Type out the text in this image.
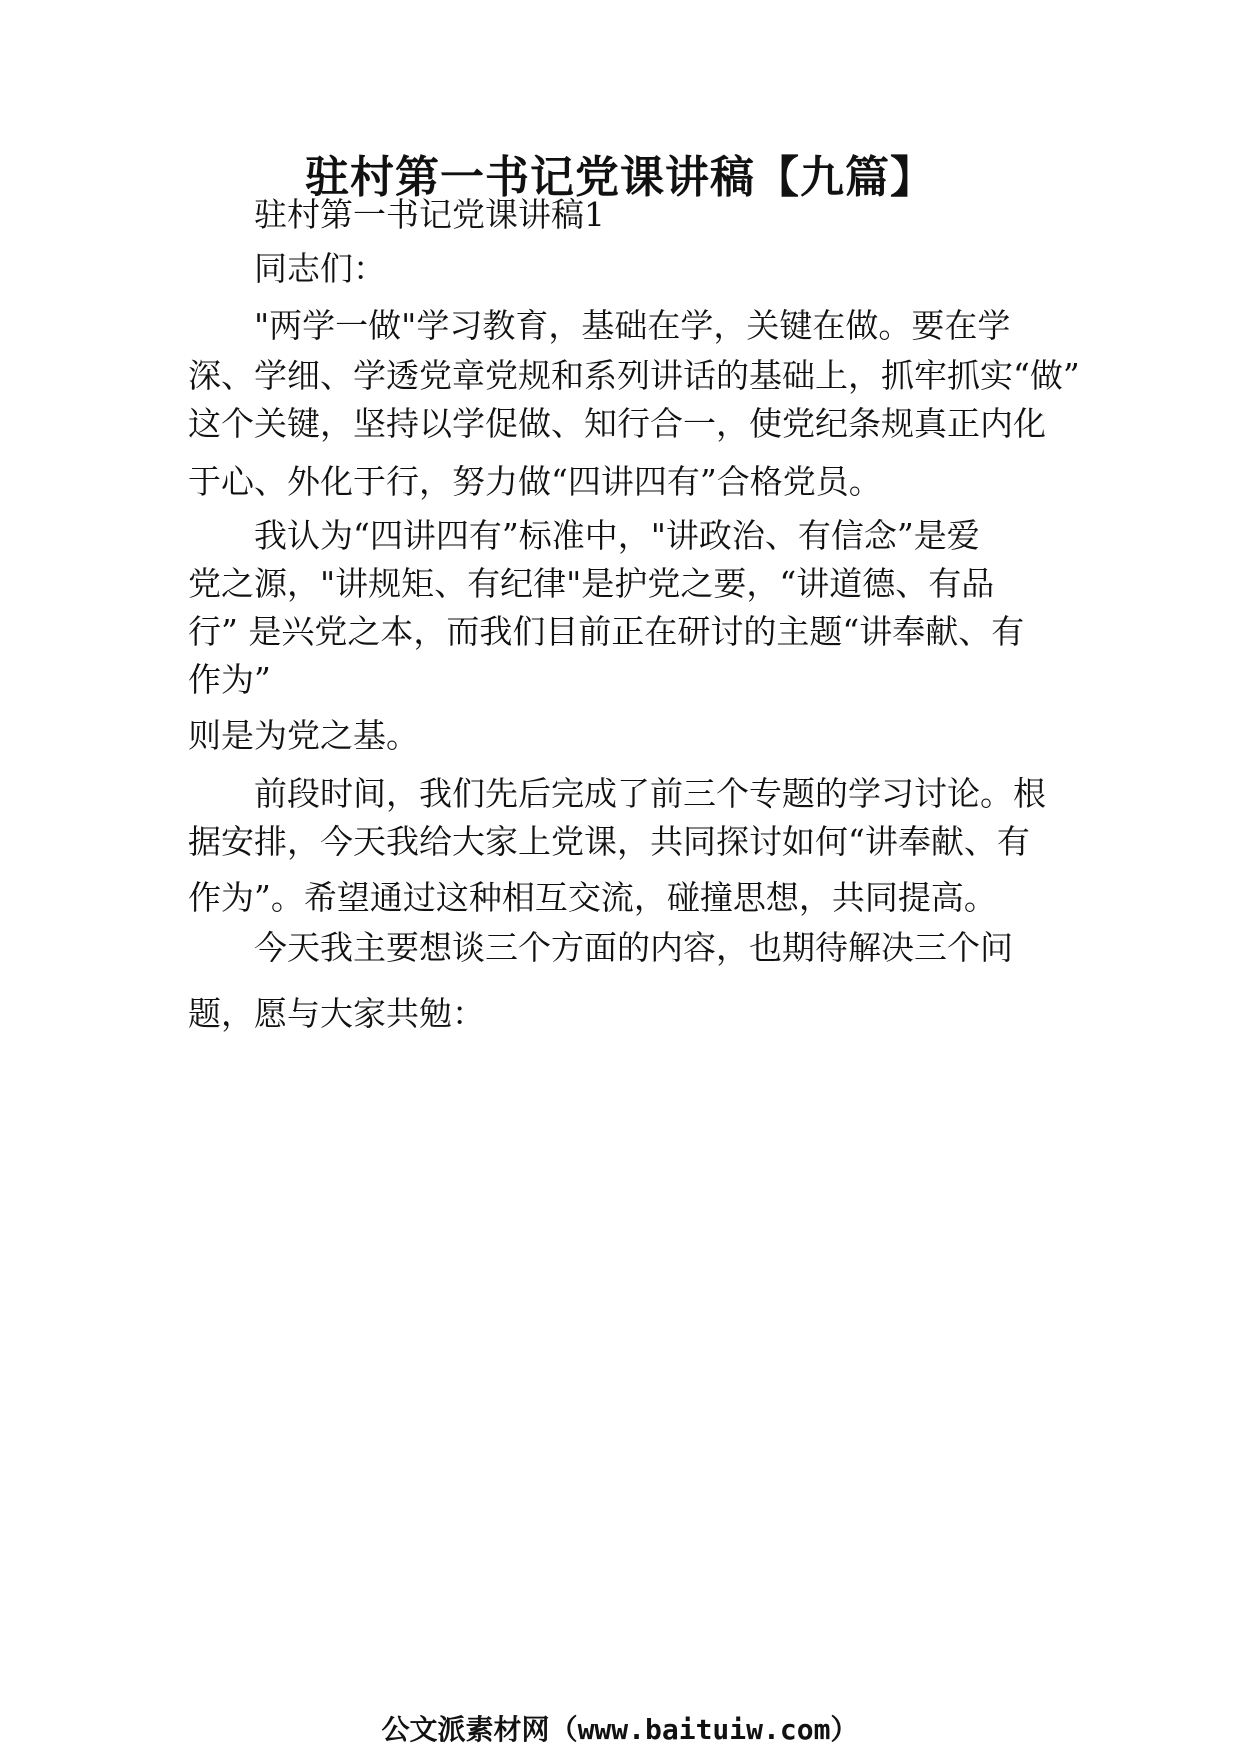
驻村第一书记党课讲稿【九篇】

驻村第一书记党课讲稿1

同志们：

"两学一做"学习教育，基础在学，关键在做。要在学

深、学细、学透党章党规和系列讲话的基础上，抓牢抓实“做”

这个关键，坚持以学促做、知行合一，使党纪条规真正内化

于心、外化于行，努力做“四讲四有”合格党员。

我认为“四讲四有”标准中，"讲政治、有信念”是爱

党之源，"讲规矩、有纪律"是护党之要，“讲道德、有品

行” 是兴党之本，而我们目前正在研讨的主题“讲奉献、有

作为”

则是为党之基。

前段时间，我们先后完成了前三个专题的学习讨论。根

据安排，今天我给大家上党课，共同探讨如何“讲奉献、有

作为”。希望通过这种相互交流，碰撞思想，共同提高。

今天我主要想谈三个方面的内容，也期待解决三个问

题，愿与大家共勉：

公文派素材网（www.baituiw.com）
